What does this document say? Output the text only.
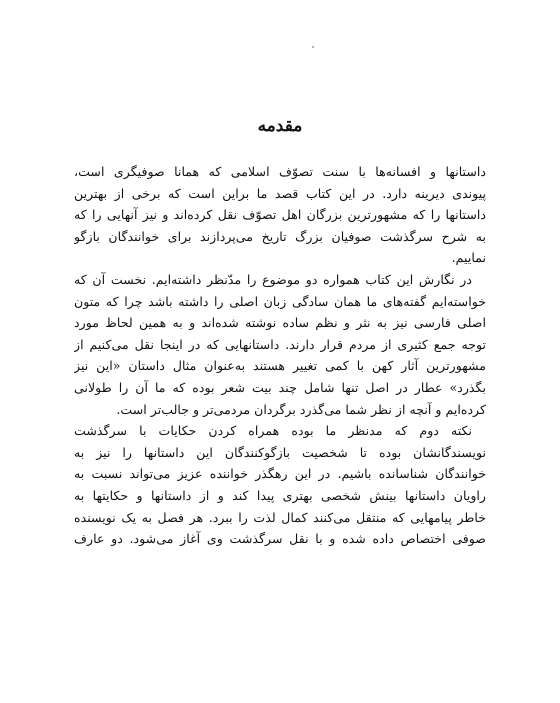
مقدمه
داستانها و افسانه‌ها با سنت تصوّف اسلامی که همانا صوفیگری است،
پیوندی دیرینه دارد. در این کتاب قصد ما براین است که برخی از بهترین
داستانها را که مشهورترین بزرگان اهل تصوّف نقل کرده‌اند و نیز آنهایی را که
به شرح سرگذشت صوفیان بزرگ تاریخ می‌پردازند برای خوانندگان بازگو
نماییم.
در نگارش این کتاب همواره دو موضوع را مدّنظر داشته‌ایم. نخست آن که
خواسته‌ایم گفته‌های ما همان سادگی زبان اصلی را داشته باشد چرا که متون
اصلی فارسی نیز به نثر و نظم ساده نوشته شده‌اند و به همین لحاظ مورد
توجه جمع کثیری از مردم قرار دارند. داستانهایی که در اینجا نقل می‌کنیم از
مشهورترین آثار کهن با کمی تغییر هستند به‌عنوان مثال داستان «این نیز
بگذرد» عطار در اصل تنها شامل چند بیت شعر بوده که ما آن را طولانی
کرده‌ایم و آنچه از نظر شما می‌گذرد برگردان مردمی‌تر و جالب‌تر است.
نکته دوم که مدنظر ما بوده همراه کردن حکایات با سرگذشت
نویسندگانشان بوده تا شخصیت بازگوکنندگان این داستانها را نیز به
خوانندگان شناسانده باشیم. در این رهگذر خواننده عزیز می‌تواند نسبت به
راویان داستانها بینش شخصی بهتری پیدا کند و از داستانها و حکایتها به
خاطر پیامهایی که منتقل می‌کنند کمال لذت را ببرد. هر فصل به یک نویسنده
صوفی اختصاص داده شده و با نقل سرگذشت وی آغاز می‌شود. دو عارف
